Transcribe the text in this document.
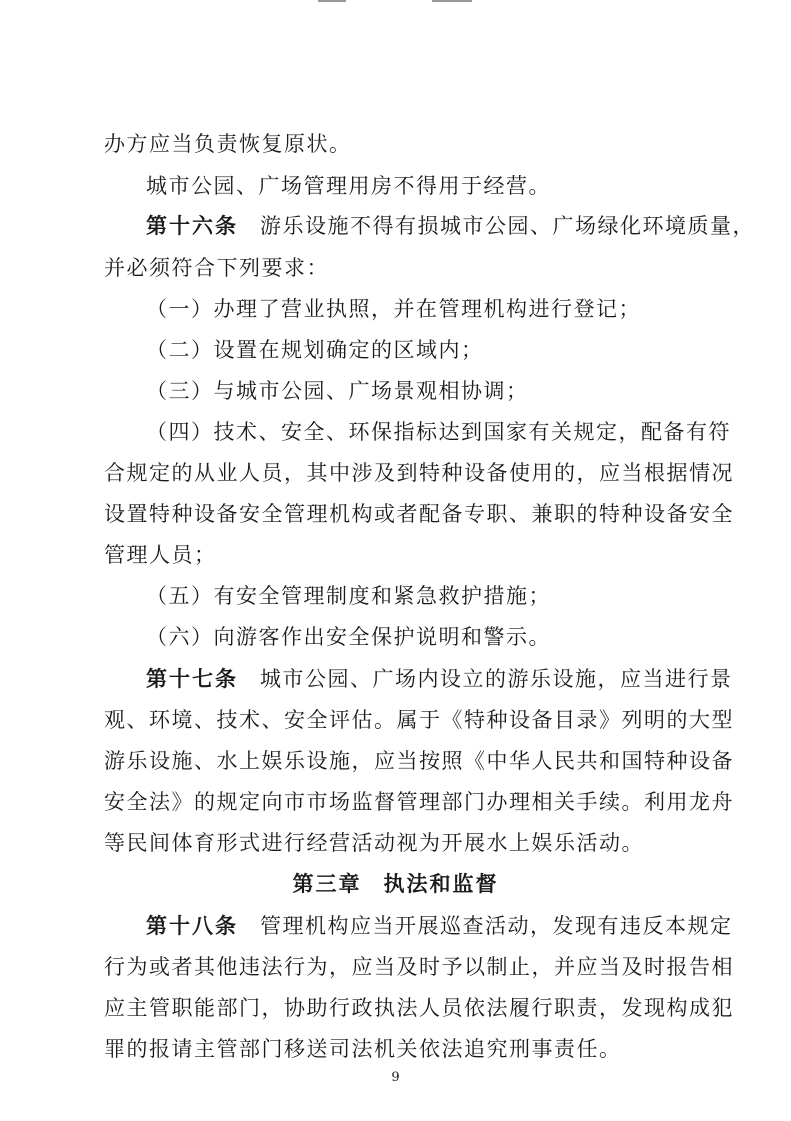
办方应当负责恢复原状。
城市公园、广场管理用房不得用于经营。
第十六条 游乐设施不得有损城市公园、广场绿化环境质量，
并必须符合下列要求：
（一）办理了营业执照，并在管理机构进行登记；
（二）设置在规划确定的区域内；
（三）与城市公园、广场景观相协调；
（四）技术、安全、环保指标达到国家有关规定，配备有符
合规定的从业人员，其中涉及到特种设备使用的，应当根据情况
设置特种设备安全管理机构或者配备专职、兼职的特种设备安全
管理人员；
（五）有安全管理制度和紧急救护措施；
（六）向游客作出安全保护说明和警示。
第十七条 城市公园、广场内设立的游乐设施，应当进行景
观、环境、技术、安全评估。属于《特种设备目录》列明的大型
游乐设施、水上娱乐设施，应当按照《中华人民共和国特种设备
安全法》的规定向市市场监督管理部门办理相关手续。利用龙舟
等民间体育形式进行经营活动视为开展水上娱乐活动。
第三章 执法和监督
第十八条 管理机构应当开展巡查活动，发现有违反本规定
行为或者其他违法行为，应当及时予以制止，并应当及时报告相
应主管职能部门，协助行政执法人员依法履行职责，发现构成犯
罪的报请主管部门移送司法机关依法追究刑事责任。
9
